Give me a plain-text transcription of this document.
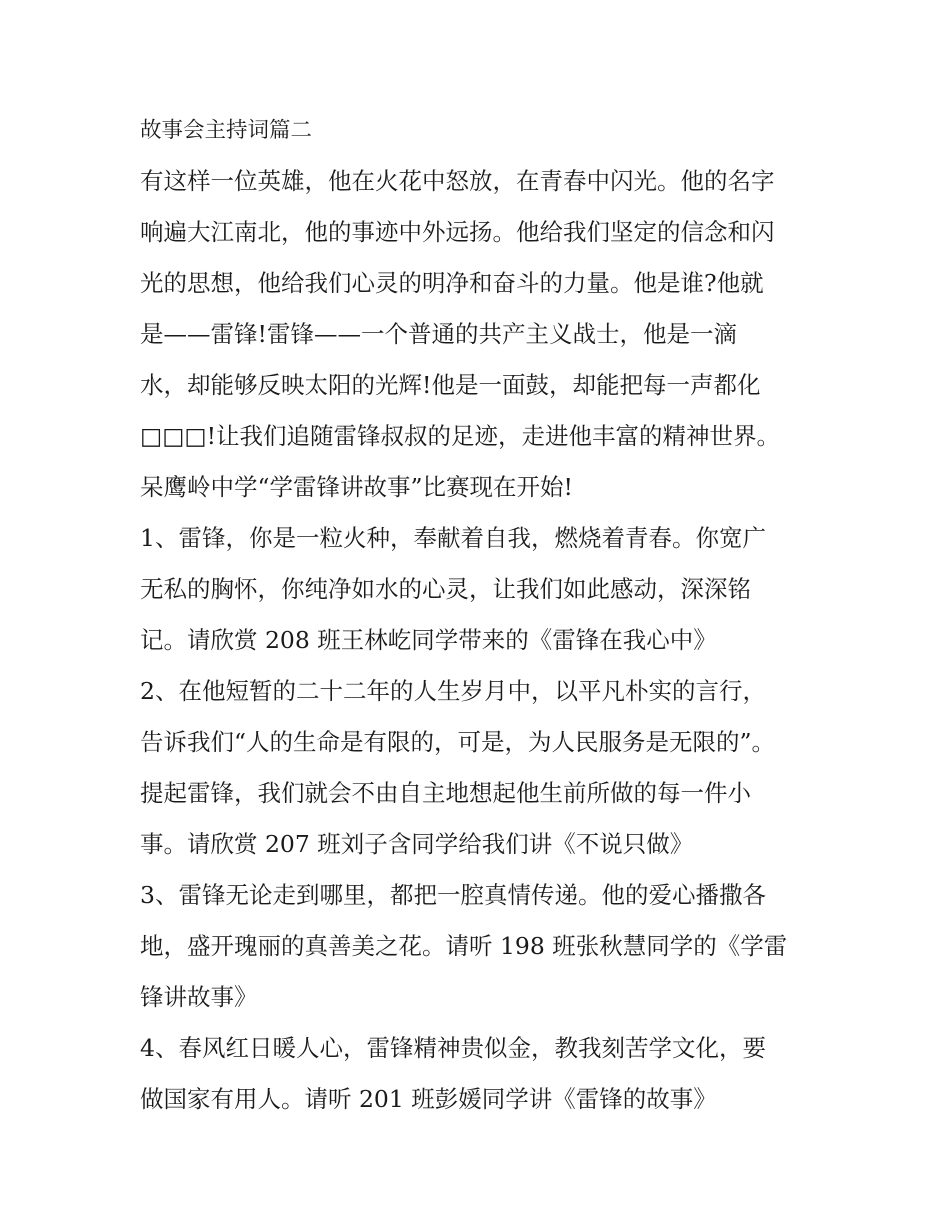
故事会主持词篇二
有这样一位英雄，他在火花中怒放，在青春中闪光。他的名字
响遍大江南北，他的事迹中外远扬。他给我们坚定的信念和闪
光的思想，他给我们心灵的明净和奋斗的力量。他是谁?他就
是——雷锋!雷锋——一个普通的共产主义战士，他是一滴
水，却能够反映太阳的光辉!他是一面鼓，却能把每一声都化
□□□!让我们追随雷锋叔叔的足迹，走进他丰富的精神世界。
呆鹰岭中学“学雷锋讲故事”比赛现在开始!
1、雷锋，你是一粒火种，奉献着自我，燃烧着青春。你宽广
无私的胸怀，你纯净如水的心灵，让我们如此感动，深深铭
记。请欣赏 208 班王林屹同学带来的《雷锋在我心中》
2、在他短暂的二十二年的人生岁月中，以平凡朴实的言行，
告诉我们“人的生命是有限的，可是，为人民服务是无限的”。
提起雷锋，我们就会不由自主地想起他生前所做的每一件小
事。请欣赏 207 班刘子含同学给我们讲《不说只做》
3、雷锋无论走到哪里，都把一腔真情传递。他的爱心播撒各
地，盛开瑰丽的真善美之花。请听 198 班张秋慧同学的《学雷
锋讲故事》
4、春风红日暖人心，雷锋精神贵似金，教我刻苦学文化，要
做国家有用人。请听 201 班彭媛同学讲《雷锋的故事》
